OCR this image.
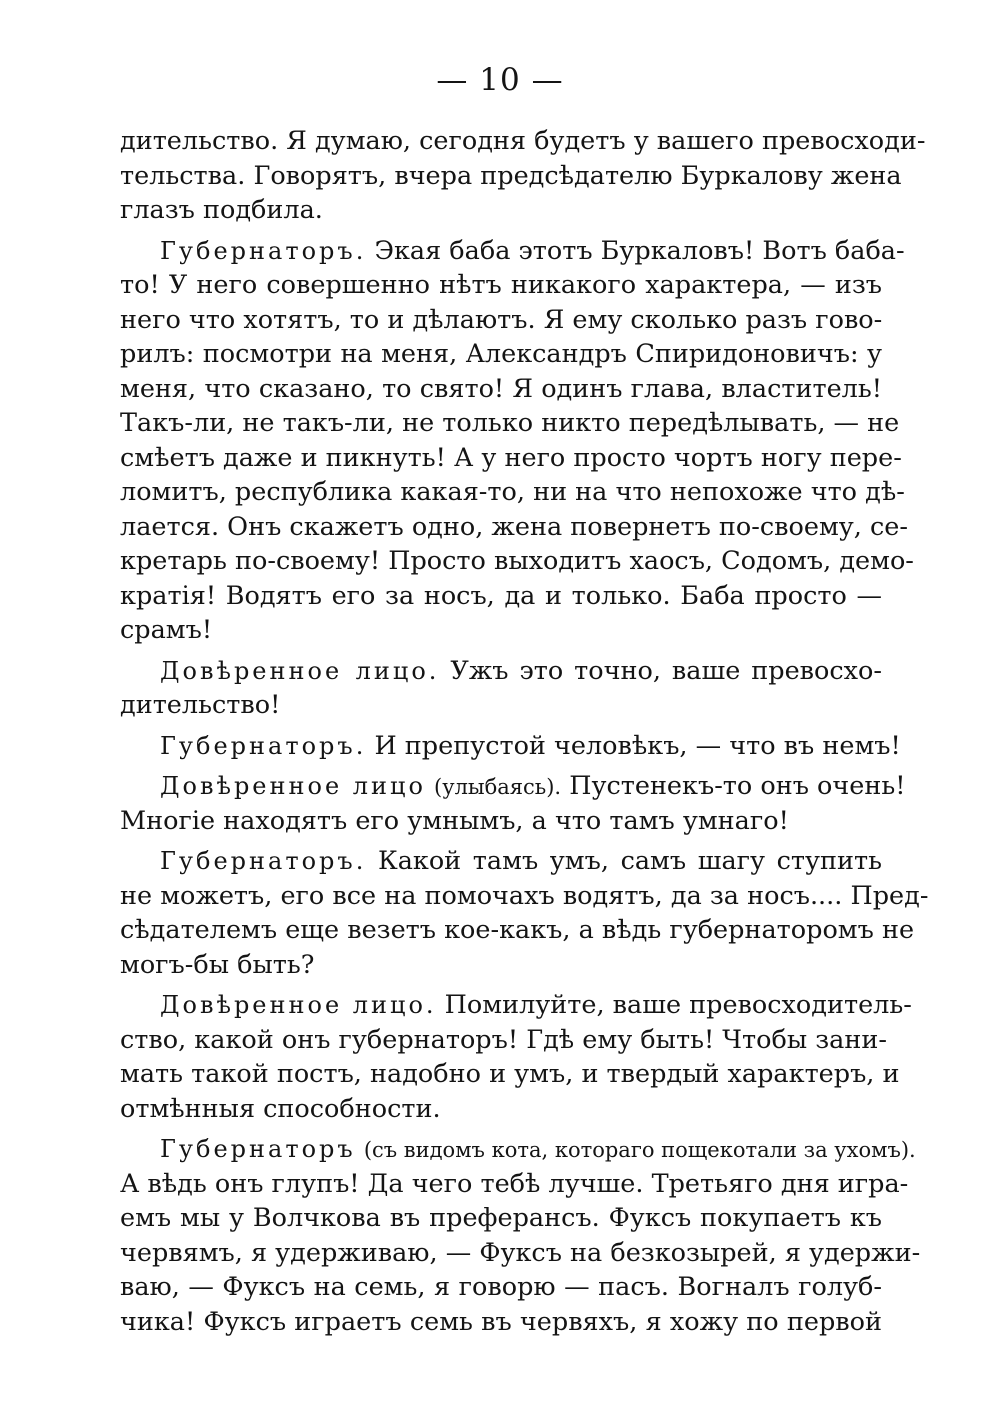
— 10 —
дительство. Я думаю, сегодня будетъ у вашего превосходи-
тельства. Говорятъ, вчера предсѣдателю Буркалову жена
глазъ подбила.
Губернаторъ. Экая баба этотъ Буркаловъ! Вотъ баба-
то! У него совершенно нѣтъ никакого характера, — изъ
него что хотятъ, то и дѣлаютъ. Я ему сколько разъ гово-
рилъ: посмотри на меня, Александръ Спиридоновичъ: у
меня, что сказано, то свято! Я одинъ глава, властитель!
Такъ-ли, не такъ-ли, не только никто передѣлывать, — не
смѣетъ даже и пикнуть! А у него просто чортъ ногу пере-
ломитъ, республика какая-то, ни на что непохоже что дѣ-
лается. Онъ скажетъ одно, жена повернетъ по-своему, се-
кретарь по-своему! Просто выходитъ хаосъ, Содомъ, демо-
кратія! Водятъ его за носъ, да и только. Баба просто —
срамъ!
Довѣренное лицо. Ужъ это точно, ваше превосхо-
дительство!
Губернаторъ. И препустой человѣкъ, — что въ немъ!
Довѣренное лицо (улыбаясь). Пустенекъ-то онъ очень!
Многіе находятъ его умнымъ, а что тамъ умнаго!
Губернаторъ. Какой тамъ умъ, самъ шагу ступить
не можетъ, его все на помочахъ водятъ, да за носъ.... Пред-
сѣдателемъ еще везетъ кое-какъ, а вѣдь губернаторомъ не
могъ-бы быть?
Довѣренное лицо. Помилуйте, ваше превосходитель-
ство, какой онъ губернаторъ! Гдѣ ему быть! Чтобы зани-
мать такой постъ, надобно и умъ, и твердый характеръ, и
отмѣнныя способности.
Губернаторъ (съ видомъ кота, котораго пощекотали за ухомъ).
А вѣдь онъ глупъ! Да чего тебѣ лучше. Третьяго дня игра-
емъ мы у Волчкова въ преферансъ. Фуксъ покупаетъ къ
червямъ, я удерживаю, — Фуксъ на безкозырей, я удержи-
ваю, — Фуксъ на семь, я говорю — пасъ. Вогналъ голуб-
чика! Фуксъ играетъ семь въ червяхъ, я хожу по первой
